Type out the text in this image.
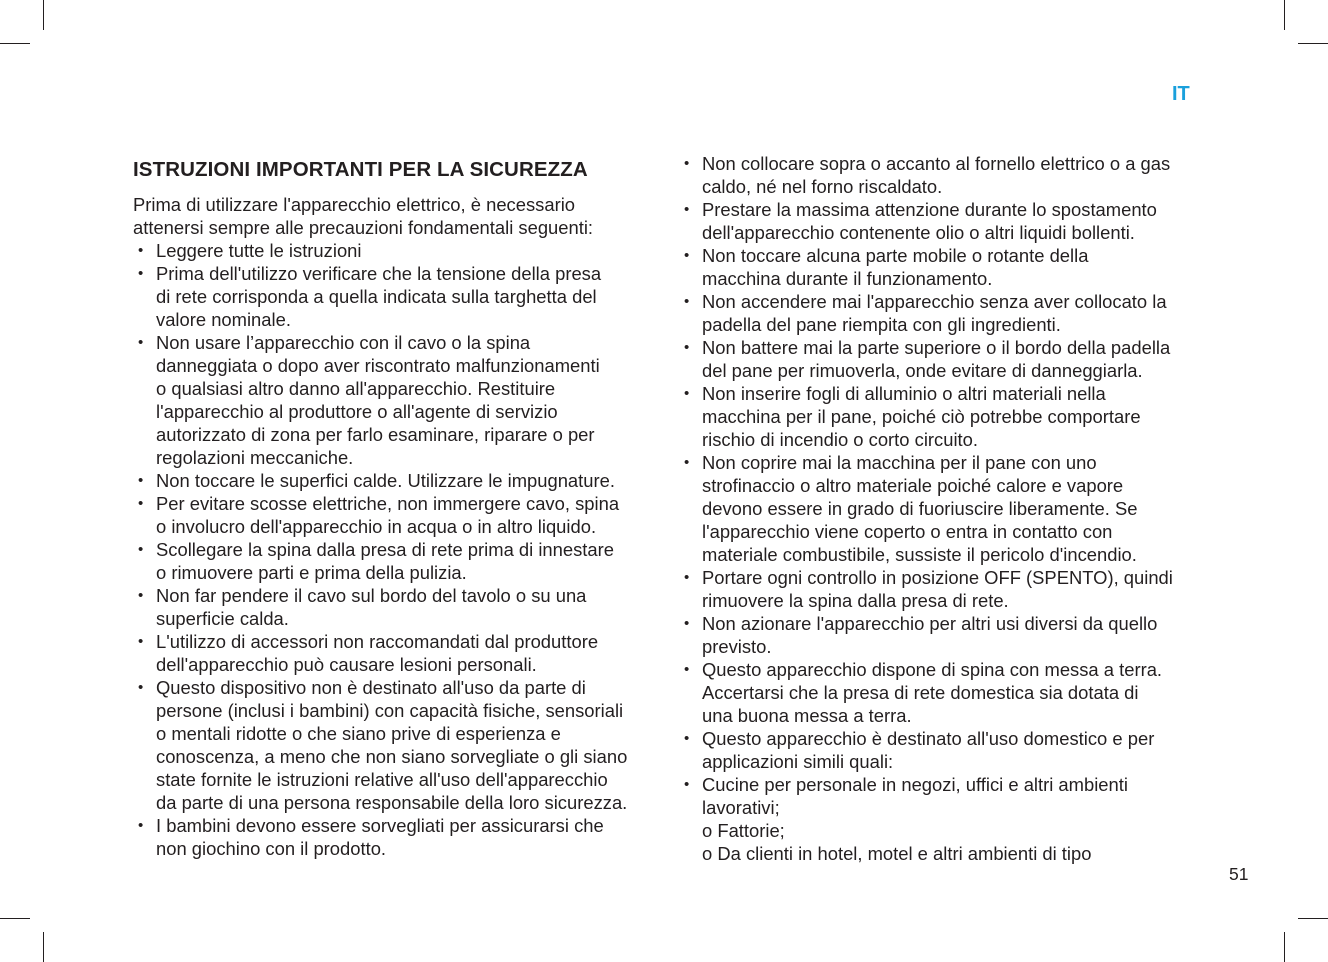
IT
ISTRUZIONI IMPORTANTI PER LA SICUREZZA

Prima di utilizzare l'apparecchio elettrico, è necessario
attenersi sempre alle precauzioni fondamentali seguenti:

• Leggere tutte le istruzioni
• Prima dell'utilizzo verificare che la tensione della presa
di rete corrisponda a quella indicata sulla targhetta del
valore nominale.
• Non usare l’apparecchio con il cavo o la spina
danneggiata o dopo aver riscontrato malfunzionamenti
o qualsiasi altro danno all'apparecchio. Restituire
l'apparecchio al produttore o all'agente di servizio
autorizzato di zona per farlo esaminare, riparare o per
regolazioni meccaniche.
• Non toccare le superfici calde. Utilizzare le impugnature.
• Per evitare scosse elettriche, non immergere cavo, spina
o involucro dell'apparecchio in acqua o in altro liquido.
• Scollegare la spina dalla presa di rete prima di innestare
o rimuovere parti e prima della pulizia.
• Non far pendere il cavo sul bordo del tavolo o su una
superficie calda.
• L'utilizzo di accessori non raccomandati dal produttore
dell'apparecchio può causare lesioni personali.
• Questo dispositivo non è destinato all'uso da parte di
persone (inclusi i bambini) con capacità fisiche, sensoriali
o mentali ridotte o che siano prive di esperienza e
conoscenza, a meno che non siano sorvegliate o gli siano
state fornite le istruzioni relative all'uso dell'apparecchio
da parte di una persona responsabile della loro sicurezza.
• I bambini devono essere sorvegliati per assicurarsi che
non giochino con il prodotto.
• Non collocare sopra o accanto al fornello elettrico o a gas
caldo, né nel forno riscaldato.
• Prestare la massima attenzione durante lo spostamento
dell'apparecchio contenente olio o altri liquidi bollenti.
• Non toccare alcuna parte mobile o rotante della
macchina durante il funzionamento.
• Non accendere mai l'apparecchio senza aver collocato la
padella del pane riempita con gli ingredienti.
• Non battere mai la parte superiore o il bordo della padella
del pane per rimuoverla, onde evitare di danneggiarla.
• Non inserire fogli di alluminio o altri materiali nella
macchina per il pane, poiché ciò potrebbe comportare
rischio di incendio o corto circuito.
• Non coprire mai la macchina per il pane con uno
strofinaccio o altro materiale poiché calore e vapore
devono essere in grado di fuoriuscire liberamente. Se
l'apparecchio viene coperto o entra in contatto con
materiale combustibile, sussiste il pericolo d'incendio.
• Portare ogni controllo in posizione OFF (SPENTO), quindi
rimuovere la spina dalla presa di rete.
• Non azionare l'apparecchio per altri usi diversi da quello
previsto.
• Questo apparecchio dispone di spina con messa a terra.
Accertarsi che la presa di rete domestica sia dotata di
una buona messa a terra.
• Questo apparecchio è destinato all'uso domestico e per
applicazioni simili quali:
• Cucine per personale in negozi, uffici e altri ambienti
lavorativi;
o Fattorie;
o Da clienti in hotel, motel e altri ambienti di tipo
51
